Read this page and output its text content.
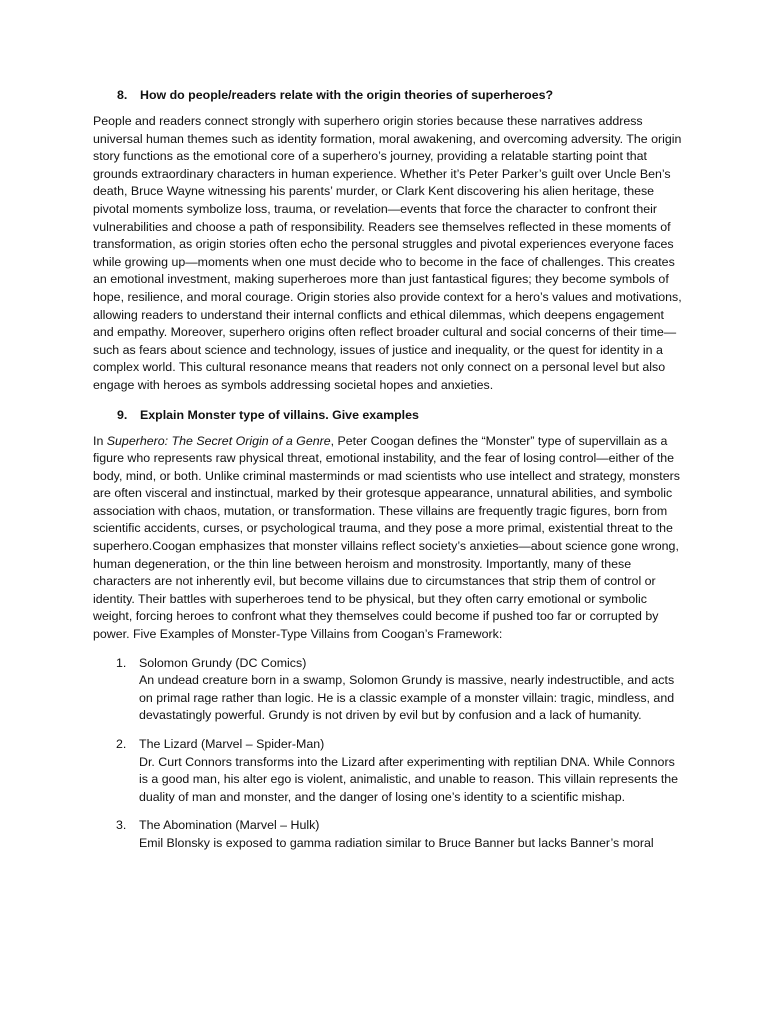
8.	How do people/readers relate with the origin theories of superheroes?

People and readers connect strongly with superhero origin stories because these narratives address universal human themes such as identity formation, moral awakening, and overcoming adversity. The origin story functions as the emotional core of a superhero’s journey, providing a relatable starting point that grounds extraordinary characters in human experience. Whether it’s Peter Parker’s guilt over Uncle Ben’s death, Bruce Wayne witnessing his parents’ murder, or Clark Kent discovering his alien heritage, these pivotal moments symbolize loss, trauma, or revelation—events that force the character to confront their vulnerabilities and choose a path of responsibility. Readers see themselves reflected in these moments of transformation, as origin stories often echo the personal struggles and pivotal experiences everyone faces while growing up—moments when one must decide who to become in the face of challenges. This creates an emotional investment, making superheroes more than just fantastical figures; they become symbols of hope, resilience, and moral courage. Origin stories also provide context for a hero’s values and motivations, allowing readers to understand their internal conflicts and ethical dilemmas, which deepens engagement and empathy. Moreover, superhero origins often reflect broader cultural and social concerns of their time—such as fears about science and technology, issues of justice and inequality, or the quest for identity in a complex world. This cultural resonance means that readers not only connect on a personal level but also engage with heroes as symbols addressing societal hopes and anxieties.

9.	Explain Monster type of villains. Give examples

In Superhero: The Secret Origin of a Genre, Peter Coogan defines the “Monster” type of supervillain as a figure who represents raw physical threat, emotional instability, and the fear of losing control—either of the body, mind, or both. Unlike criminal masterminds or mad scientists who use intellect and strategy, monsters are often visceral and instinctual, marked by their grotesque appearance, unnatural abilities, and symbolic association with chaos, mutation, or transformation. These villains are frequently tragic figures, born from scientific accidents, curses, or psychological trauma, and they pose a more primal, existential threat to the superhero.Coogan emphasizes that monster villains reflect society’s anxieties—about science gone wrong, human degeneration, or the thin line between heroism and monstrosity. Importantly, many of these characters are not inherently evil, but become villains due to circumstances that strip them of control or identity. Their battles with superheroes tend to be physical, but they often carry emotional or symbolic weight, forcing heroes to confront what they themselves could become if pushed too far or corrupted by power. Five Examples of Monster-Type Villains from Coogan’s Framework:

1.	Solomon Grundy (DC Comics)
An undead creature born in a swamp, Solomon Grundy is massive, nearly indestructible, and acts on primal rage rather than logic. He is a classic example of a monster villain: tragic, mindless, and devastatingly powerful. Grundy is not driven by evil but by confusion and a lack of humanity.
2.	The Lizard (Marvel – Spider-Man)
Dr. Curt Connors transforms into the Lizard after experimenting with reptilian DNA. While Connors is a good man, his alter ego is violent, animalistic, and unable to reason. This villain represents the duality of man and monster, and the danger of losing one’s identity to a scientific mishap.
3.	The Abomination (Marvel – Hulk)
Emil Blonsky is exposed to gamma radiation similar to Bruce Banner but lacks Banner’s moral
